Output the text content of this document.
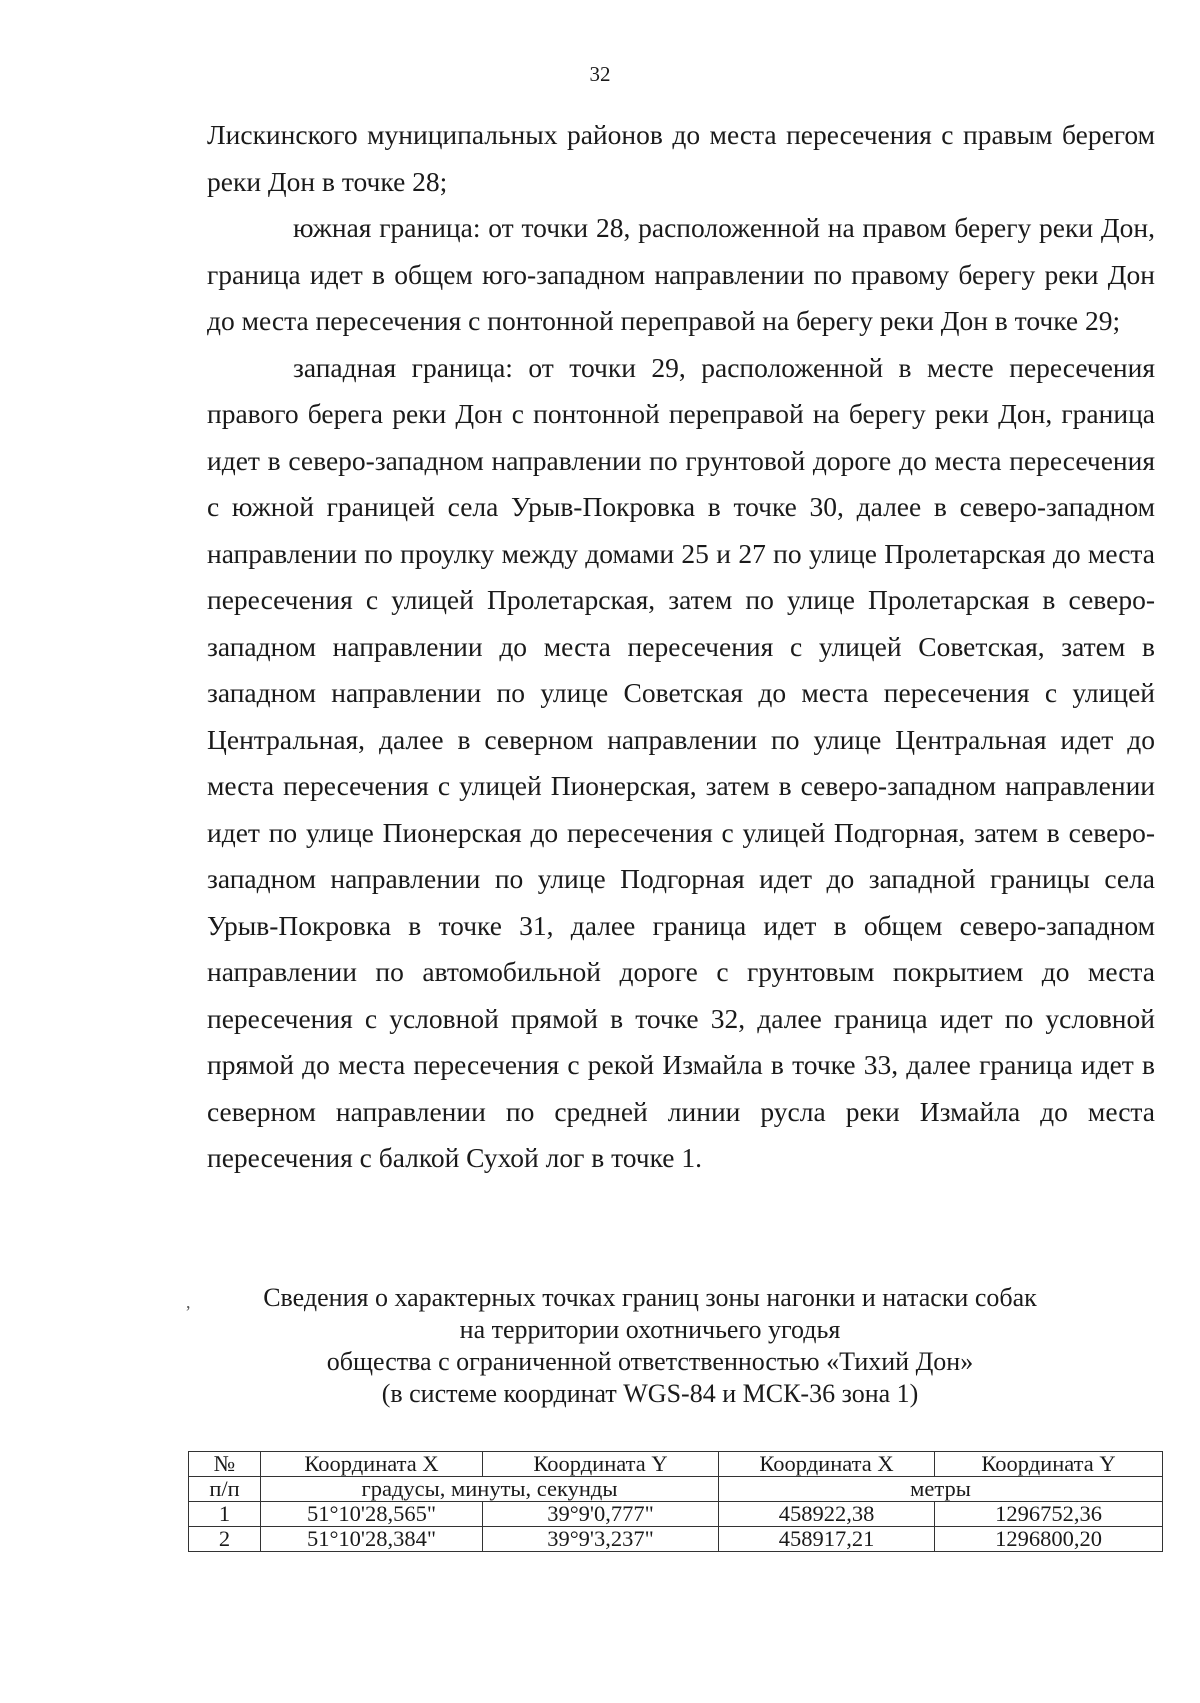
32

Лискинского муниципальных районов до места пересечения с правым берегом реки Дон в точке 28;

южная граница: от точки 28, расположенной на правом берегу реки Дон, граница идет в общем юго-западном направлении по правому берегу реки Дон до места пересечения с понтонной переправой на берегу реки Дон в точке 29;

западная граница: от точки 29, расположенной в месте пересечения правого берега реки Дон с понтонной переправой на берегу реки Дон, граница идет в северо-западном направлении по грунтовой дороге до места пересечения с южной границей села Урыв-Покровка в точке 30, далее в северо-западном направлении по проулку между домами 25 и 27 по улице Пролетарская до места пересечения с улицей Пролетарская, затем по улице Пролетарская в северо-западном направлении до места пересечения с улицей Советская, затем в западном направлении по улице Советская до места пересечения с улицей Центральная, далее в северном направлении по улице Центральная идет до места пересечения с улицей Пионерская, затем в северо-западном направлении идет по улице Пионерская до пересечения с улицей Подгорная, затем в северо-западном направлении по улице Подгорная идет до западной границы села Урыв-Покровка в точке 31, далее граница идет в общем северо-западном направлении по автомобильной дороге с грунтовым покрытием до места пересечения с условной прямой в точке 32, далее граница идет по условной прямой до места пересечения с рекой Измайла в точке 33, далее граница идет в северном направлении по средней линии русла реки Измайла до места пересечения с балкой Сухой лог в точке 1.

,	Сведения о характерных точках границ зоны нагонки и натаски собак
на территории охотничьего угодья
общества с ограниченной ответственностью «Тихий Дон»
(в системе координат WGS-84 и МСК-36 зона 1)
№	Координата X	Координата Y	Координата X	Координата Y
п/п	градусы, минуты, секунды		метры	
1	51°10'28,565"	39°9'0,777"	458922,38	1296752,36
2	51°10'28,384"	39°9'3,237"	458917,21	1296800,20
